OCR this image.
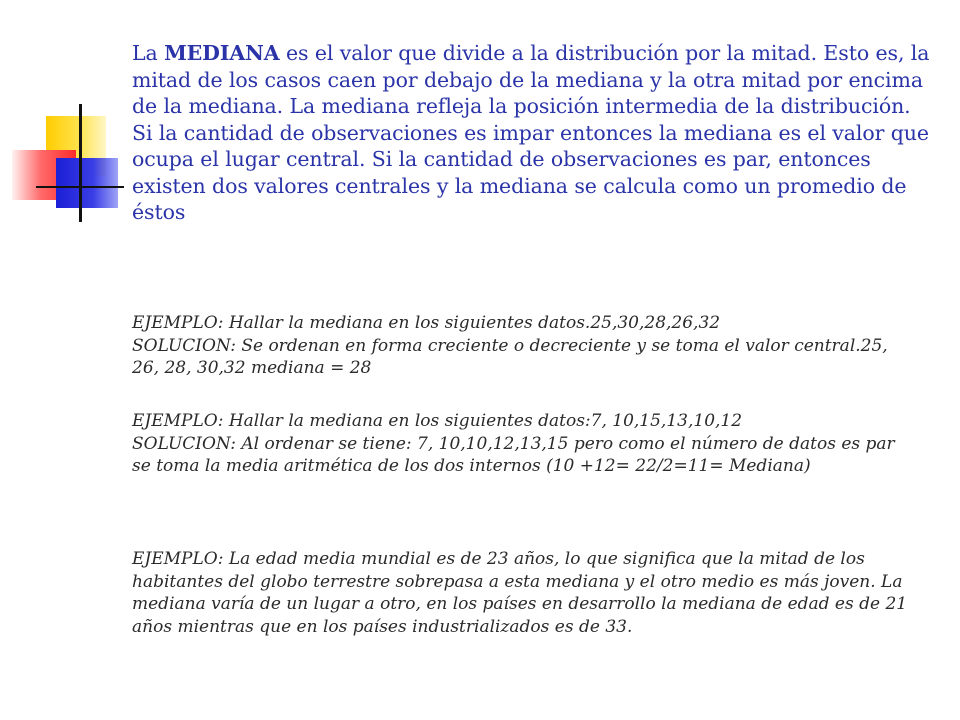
La MEDIANA es el valor que divide a la distribución por la mitad. Esto es, la mitad de los casos caen por debajo de la mediana y la otra mitad por encima de la mediana. La mediana refleja la posición intermedia de la distribución. Si la cantidad de observaciones es impar entonces la mediana es el valor que ocupa el lugar central. Si la cantidad de observaciones es par, entonces existen dos valores centrales y la mediana se calcula como un promedio de éstos

EJEMPLO: Hallar la mediana en los siguientes datos.25,30,28,26,32
SOLUCION: Se ordenan en forma creciente o decreciente y se toma el valor central.25, 26, 28, 30,32 mediana = 28
EJEMPLO: Hallar la mediana en los siguientes datos:7, 10,15,13,10,12
SOLUCION: Al ordenar se tiene: 7, 10,10,12,13,15 pero como el número de datos es par se toma la media aritmética de los dos internos (10 +12= 22/2=11= Mediana)
EJEMPLO: La edad media mundial es de 23 años, lo que significa que la mitad de los habitantes del globo terrestre sobrepasa a esta mediana y el otro medio es más joven. La mediana varía de un lugar a otro, en los países en desarrollo la mediana de edad es de 21 años mientras que en los países industrializados es de 33.
